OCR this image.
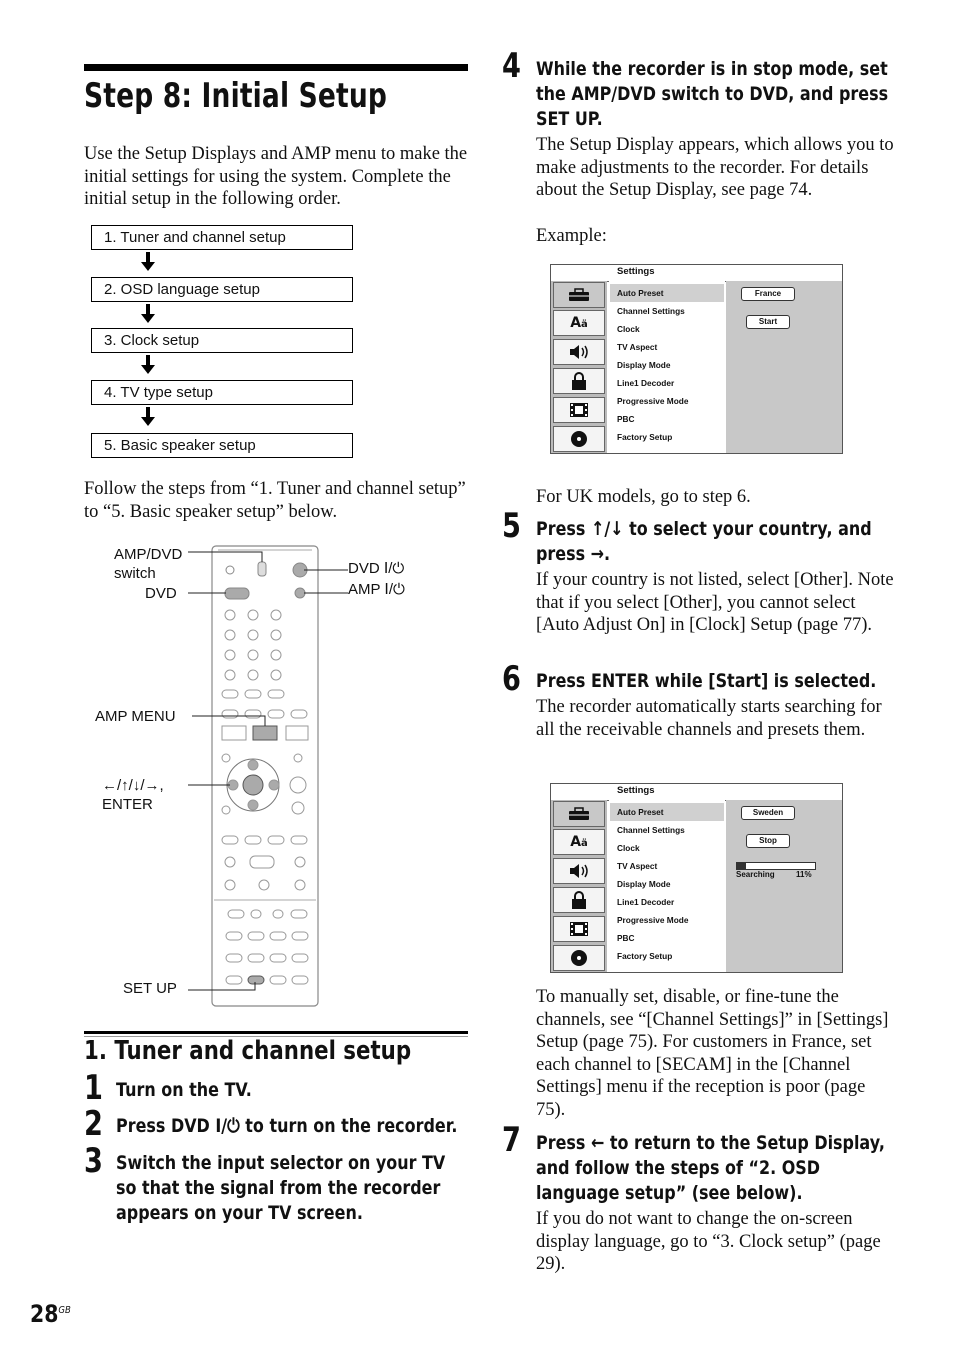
Step 8: Initial Setup
Use the Setup Displays and AMP menu to make the initial settings for using the system. Complete the initial setup in the following order.
1. Tuner and channel setup
2. OSD language setup
3. Clock setup
4. TV type setup
5. Basic speaker setup
Follow the steps from “1. Tuner and channel setup” to “5. Basic speaker setup” below.
AMP/DVD
switch
DVD
DVD Ⅰ/⏻
AMP Ⅰ/⏻
AMP MENU
←/↑/↓/→,
ENTER
SET UP
1. Tuner and channel setup
1 Turn on the TV.
2 Press DVD Ⅰ/⏻ to turn on the recorder.
3 Switch the input selector on your TV so that the signal from the recorder appears on your TV screen.
$28^{GB}$
4 While the recorder is in stop mode, set the AMP/DVD switch to DVD, and press SET UP.
The Setup Display appears, which allows you to make adjustments to the recorder. For details about the Setup Display, see page 74.
Example:
Settings
Aä
Auto Preset
Channel Settings
Clock
TV Aspect
Display Mode
Line1 Decoder
Progressive Mode
PBC
Factory Setup
France
Start
For UK models, go to step 6.
5 Press ↑/↓ to select your country, and press →.
If your country is not listed, select [Other]. Note that if you select [Other], you cannot select [Auto Adjust On] in [Clock] Setup (page 77).
6 Press ENTER while [Start] is selected.
The recorder automatically starts searching for all the receivable channels and presets them.
Settings
Aä
Auto Preset
Channel Settings
Clock
TV Aspect
Display Mode
Line1 Decoder
Progressive Mode
PBC
Factory Setup
Sweden
Stop
Searching	11%
To manually set, disable, or fine-tune the channels, see “[Channel Settings]” in [Settings] Setup (page 75). For customers in France, set each channel to [SECAM] in the [Channel Settings] menu if the reception is poor (page 75).
7 Press ← to return to the Setup Display, and follow the steps of “2. OSD language setup” (see below).
If you do not want to change the on-screen display language, go to “3. Clock setup” (page 29).
